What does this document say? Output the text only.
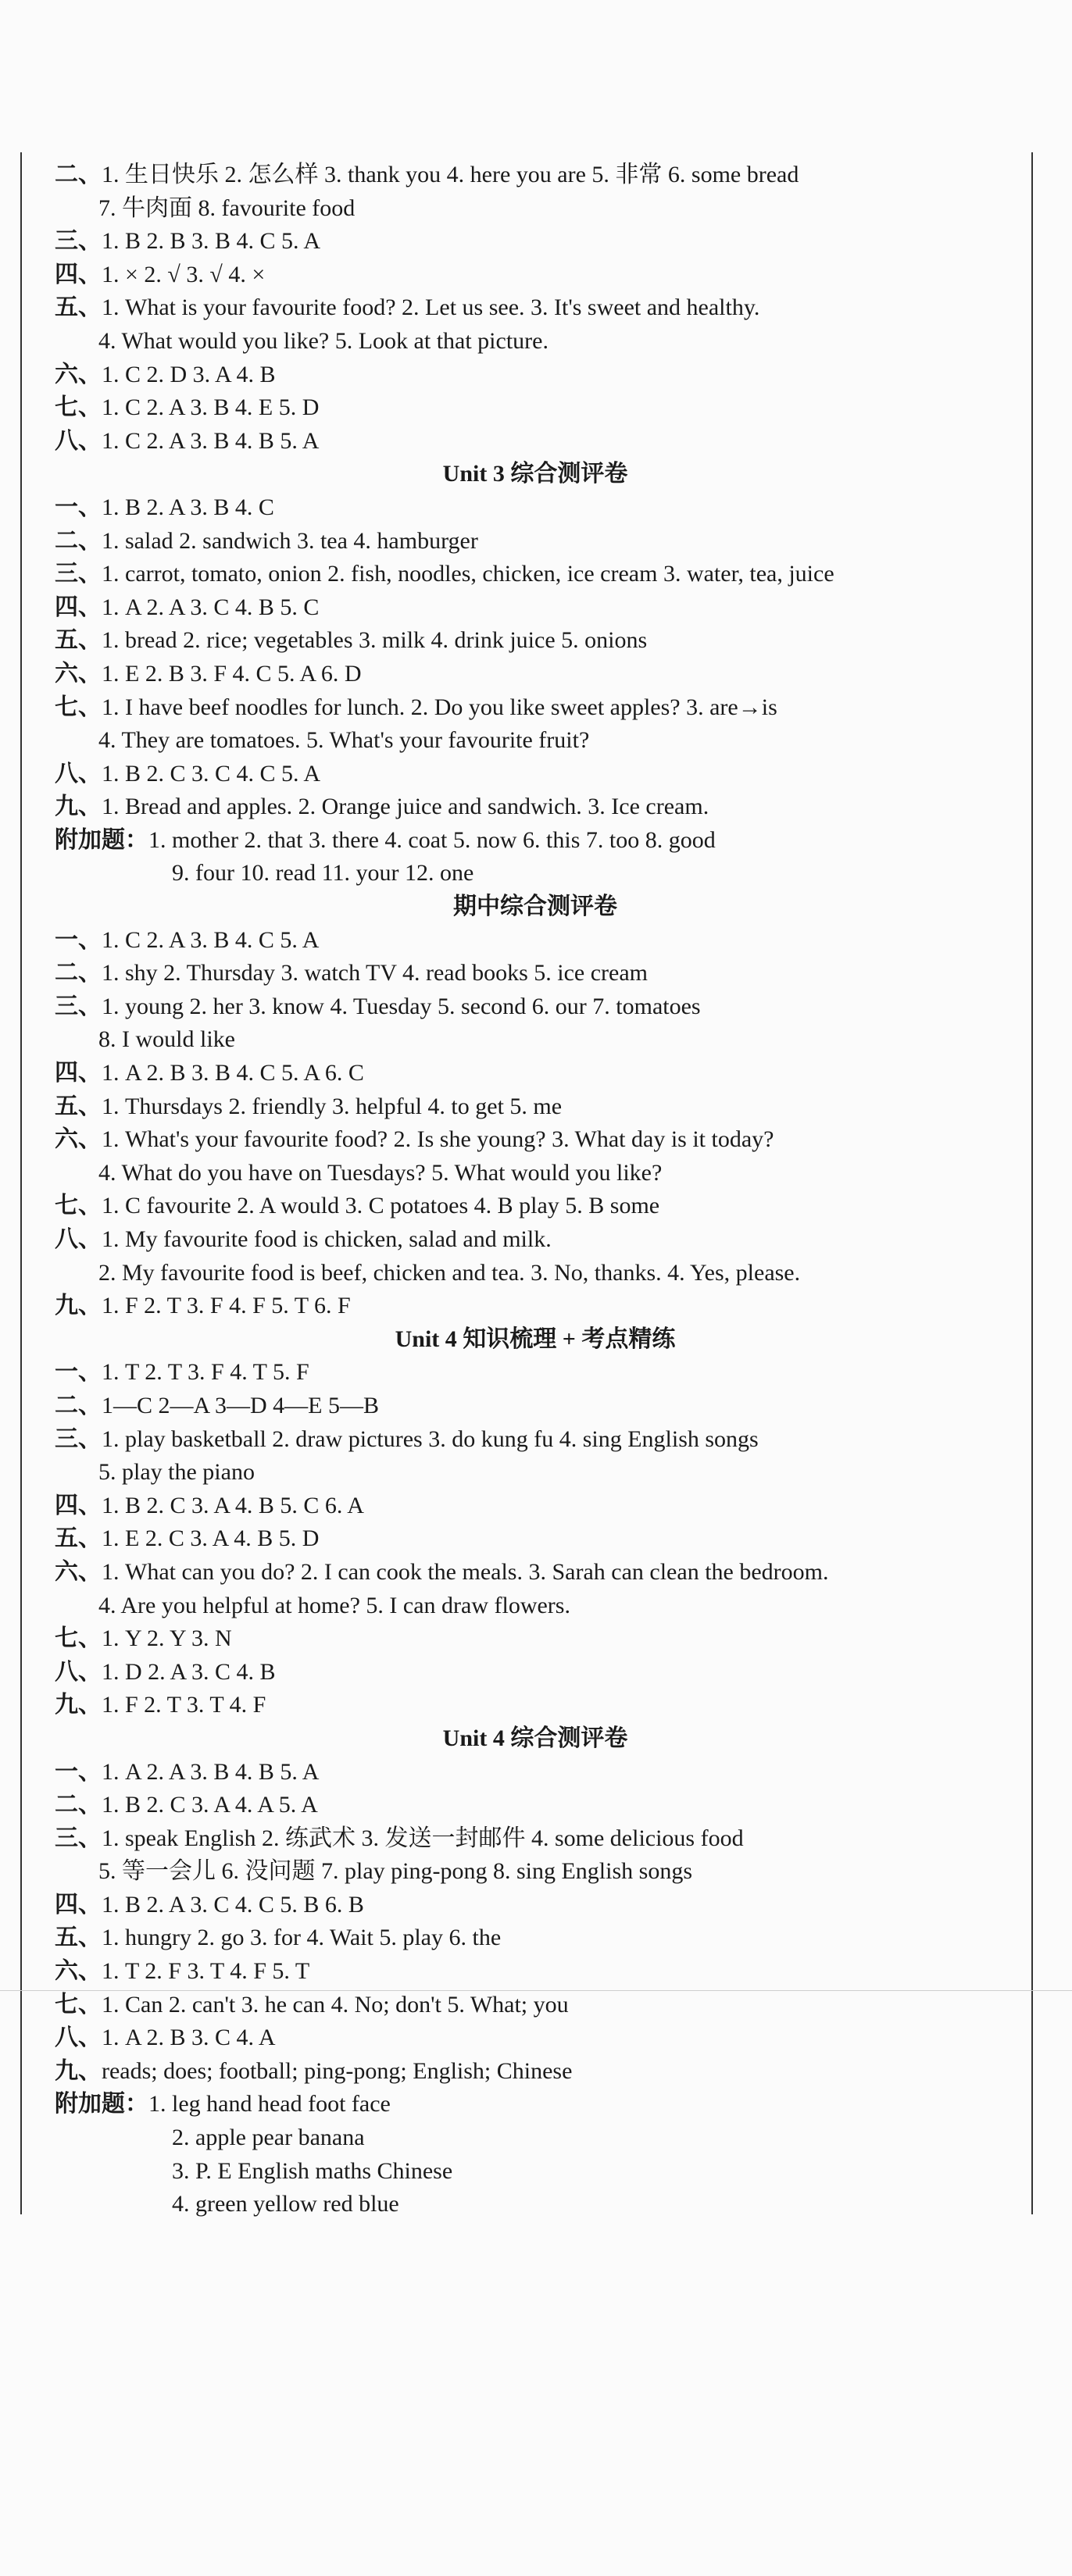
二、1. 生日快乐 2. 怎么样 3. thank you 4. here you are 5. 非常 6. some bread
7. 牛肉面 8. favourite food
三、1. B 2. B 3. B 4. C 5. A
四、1. × 2. √ 3. √ 4. ×
五、1. What is your favourite food? 2. Let us see. 3. It's sweet and healthy.
4. What would you like? 5. Look at that picture.
六、1. C 2. D 3. A 4. B
七、1. C 2. A 3. B 4. E 5. D
八、1. C 2. A 3. B 4. B 5. A
Unit 3 综合测评卷
一、1. B 2. A 3. B 4. C
二、1. salad 2. sandwich 3. tea 4. hamburger
三、1. carrot, tomato, onion 2. fish, noodles, chicken, ice cream 3. water, tea, juice
四、1. A 2. A 3. C 4. B 5. C
五、1. bread 2. rice; vegetables 3. milk 4. drink juice 5. onions
六、1. E 2. B 3. F 4. C 5. A 6. D
七、1. I have beef noodles for lunch. 2. Do you like sweet apples? 3. are→is
4. They are tomatoes. 5. What's your favourite fruit?
八、1. B 2. C 3. C 4. C 5. A
九、1. Bread and apples. 2. Orange juice and sandwich. 3. Ice cream.
附加题：1. mother 2. that 3. there 4. coat 5. now 6. this 7. too 8. good
9. four 10. read 11. your 12. one
期中综合测评卷
一、1. C 2. A 3. B 4. C 5. A
二、1. shy 2. Thursday 3. watch TV 4. read books 5. ice cream
三、1. young 2. her 3. know 4. Tuesday 5. second 6. our 7. tomatoes
8. I would like
四、1. A 2. B 3. B 4. C 5. A 6. C
五、1. Thursdays 2. friendly 3. helpful 4. to get 5. me
六、1. What's your favourite food? 2. Is she young? 3. What day is it today?
4. What do you have on Tuesdays? 5. What would you like?
七、1. C favourite 2. A would 3. C potatoes 4. B play 5. B some
八、1. My favourite food is chicken, salad and milk.
2. My favourite food is beef, chicken and tea. 3. No, thanks. 4. Yes, please.
九、1. F 2. T 3. F 4. F 5. T 6. F
Unit 4 知识梳理 + 考点精练
一、1. T 2. T 3. F 4. T 5. F
二、1—C 2—A 3—D 4—E 5—B
三、1. play basketball 2. draw pictures 3. do kung fu 4. sing English songs
5. play the piano
四、1. B 2. C 3. A 4. B 5. C 6. A
五、1. E 2. C 3. A 4. B 5. D
六、1. What can you do? 2. I can cook the meals. 3. Sarah can clean the bedroom.
4. Are you helpful at home? 5. I can draw flowers.
七、1. Y 2. Y 3. N
八、1. D 2. A 3. C 4. B
九、1. F 2. T 3. T 4. F
Unit 4 综合测评卷
一、1. A 2. A 3. B 4. B 5. A
二、1. B 2. C 3. A 4. A 5. A
三、1. speak English 2. 练武术 3. 发送一封邮件 4. some delicious food
5. 等一会儿 6. 没问题 7. play ping-pong 8. sing English songs
四、1. B 2. A 3. C 4. C 5. B 6. B
五、1. hungry 2. go 3. for 4. Wait 5. play 6. the
六、1. T 2. F 3. T 4. F 5. T
七、1. Can 2. can't 3. he can 4. No; don't 5. What; you
八、1. A 2. B 3. C 4. A
九、reads; does; football; ping-pong; English; Chinese
附加题：1. leg hand head foot face
2. apple pear banana
3. P. E English maths Chinese
4. green yellow red blue
